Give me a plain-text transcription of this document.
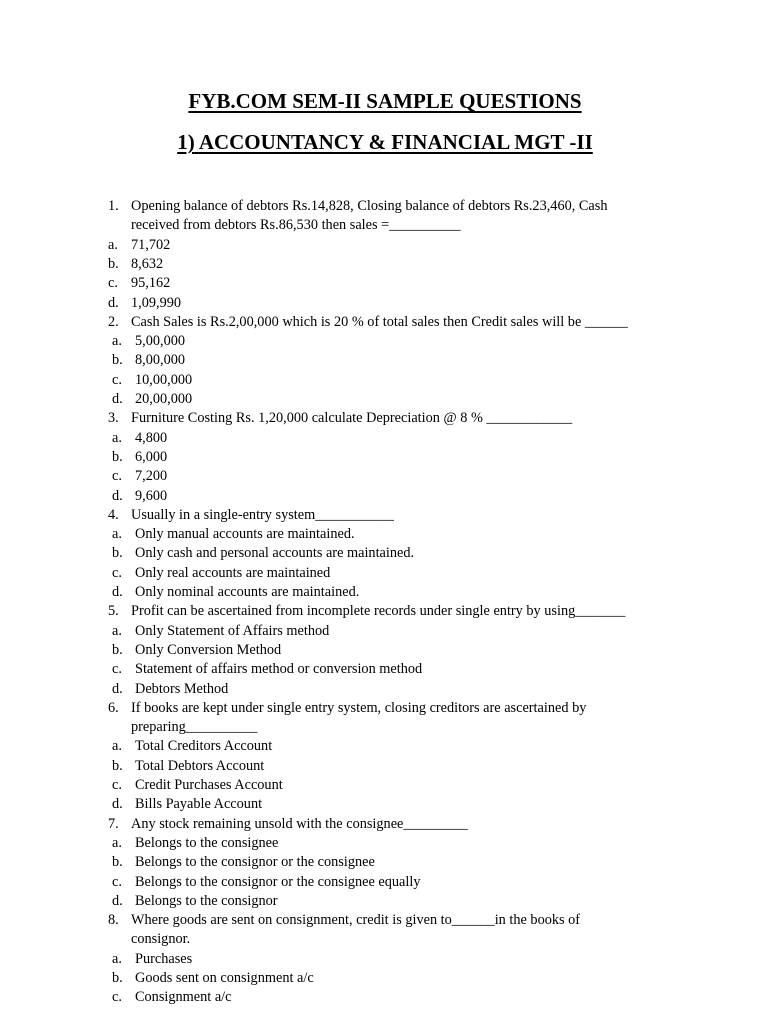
FYB.COM SEM-II SAMPLE QUESTIONS
1) ACCOUNTANCY & FINANCIAL MGT -II
1. Opening balance of debtors Rs.14,828, Closing balance of debtors Rs.23,460, Cash
received from debtors Rs.86,530 then sales =__________
a. 71,702
b. 8,632
c. 95,162
d. 1,09,990
2. Cash Sales is Rs.2,00,000 which is 20 % of total sales then Credit sales will be ______
a. 5,00,000
b. 8,00,000
c. 10,00,000
d. 20,00,000
3. Furniture Costing Rs. 1,20,000 calculate Depreciation @ 8 % ____________
a. 4,800
b. 6,000
c. 7,200
d. 9,600
4. Usually in a single-entry system___________
a. Only manual accounts are maintained.
b. Only cash and personal accounts are maintained.
c. Only real accounts are maintained
d. Only nominal accounts are maintained.
5. Profit can be ascertained from incomplete records under single entry by using_______
a. Only Statement of Affairs method
b. Only Conversion Method
c. Statement of affairs method or conversion method
d. Debtors Method
6. If books are kept under single entry system, closing creditors are ascertained by
preparing__________
a. Total Creditors Account
b. Total Debtors Account
c. Credit Purchases Account
d. Bills Payable Account
7. Any stock remaining unsold with the consignee_________
a. Belongs to the consignee
b. Belongs to the consignor or the consignee
c. Belongs to the consignor or the consignee equally
d. Belongs to the consignor
8. Where goods are sent on consignment, credit is given to______in the books of
consignor.
a. Purchases
b. Goods sent on consignment a/c
c. Consignment a/c
